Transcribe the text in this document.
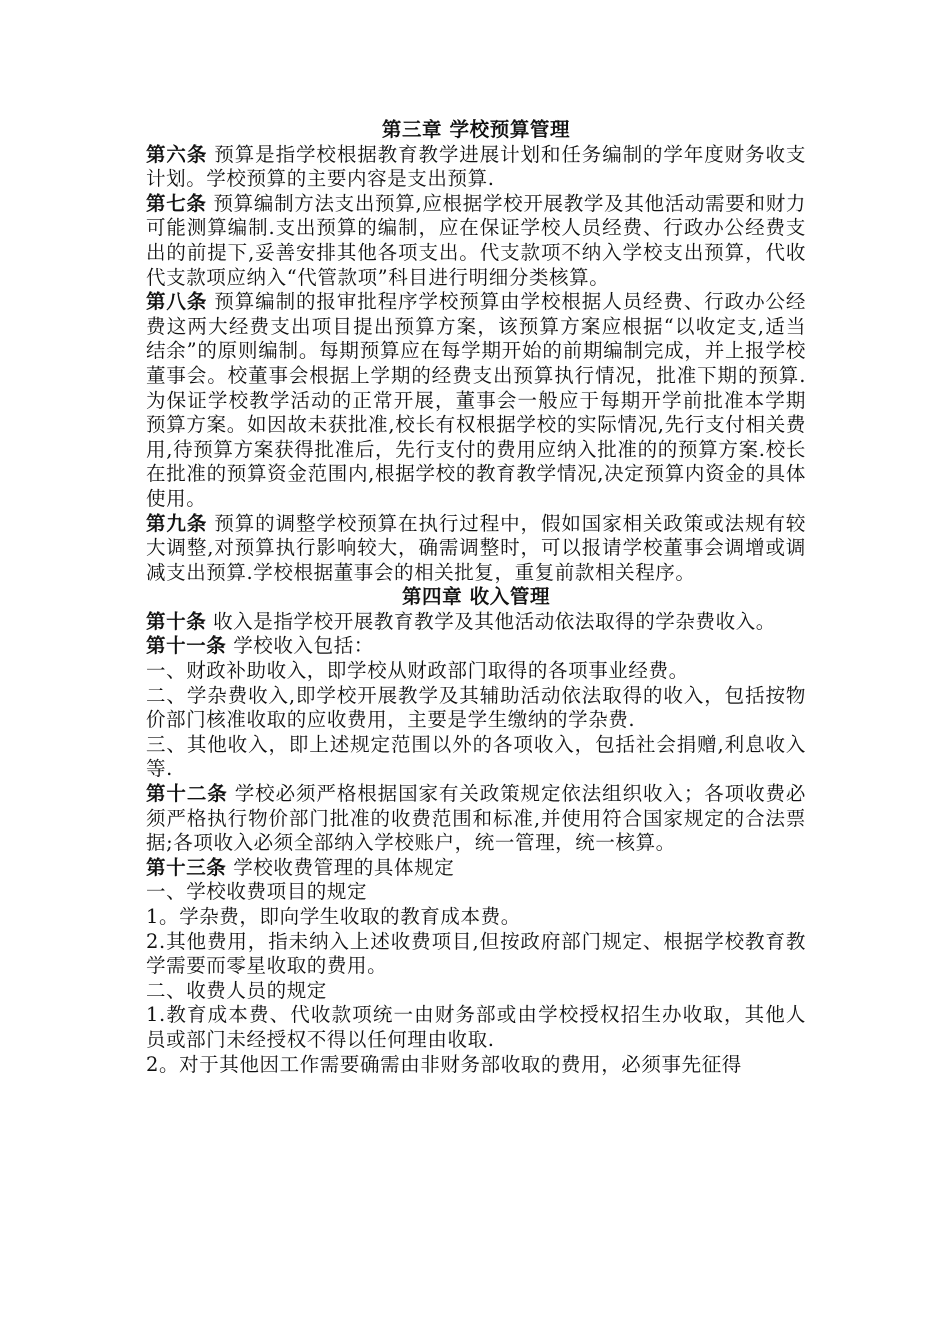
第三章 学校预算管理

第六条 预算是指学校根据教育教学进展计划和任务编制的学年度财务收支计划。学校预算的主要内容是支出预算.

第七条 预算编制方法支出预算,应根据学校开展教学及其他活动需要和财力可能测算编制.支出预算的编制，应在保证学校人员经费、行政办公经费支出的前提下,妥善安排其他各项支出。代支款项不纳入学校支出预算，代收代支款项应纳入“代管款项”科目进行明细分类核算。

第八条 预算编制的报审批程序学校预算由学校根据人员经费、行政办公经费这两大经费支出项目提出预算方案，该预算方案应根据“以收定支,适当结余”的原则编制。每期预算应在每学期开始的前期编制完成，并上报学校董事会。校董事会根据上学期的经费支出预算执行情况，批准下期的预算.为保证学校教学活动的正常开展，董事会一般应于每期开学前批准本学期预算方案。如因故未获批准,校长有权根据学校的实际情况,先行支付相关费用,待预算方案获得批准后，先行支付的费用应纳入批准的的预算方案.校长在批准的预算资金范围内,根据学校的教育教学情况,决定预算内资金的具体使用。

第九条 预算的调整学校预算在执行过程中，假如国家相关政策或法规有较大调整,对预算执行影响较大，确需调整时，可以报请学校董事会调增或调减支出预算.学校根据董事会的相关批复，重复前款相关程序。

第四章 收入管理

第十条 收入是指学校开展教育教学及其他活动依法取得的学杂费收入。

第十一条 学校收入包括：

一、财政补助收入，即学校从财政部门取得的各项事业经费。

二、学杂费收入,即学校开展教学及其辅助活动依法取得的收入，包括按物价部门核准收取的应收费用，主要是学生缴纳的学杂费.

三、其他收入，即上述规定范围以外的各项收入，包括社会捐赠,利息收入等.

第十二条 学校必须严格根据国家有关政策规定依法组织收入；各项收费必须严格执行物价部门批准的收费范围和标准,并使用符合国家规定的合法票据;各项收入必须全部纳入学校账户，统一管理，统一核算。

第十三条 学校收费管理的具体规定

一、学校收费项目的规定

1。学杂费，即向学生收取的教育成本费。

2.其他费用，指未纳入上述收费项目,但按政府部门规定、根据学校教育教学需要而零星收取的费用。

二、收费人员的规定

1.教育成本费、代收款项统一由财务部或由学校授权招生办收取，其他人员或部门未经授权不得以任何理由收取.

2。对于其他因工作需要确需由非财务部收取的费用，必须事先征得
